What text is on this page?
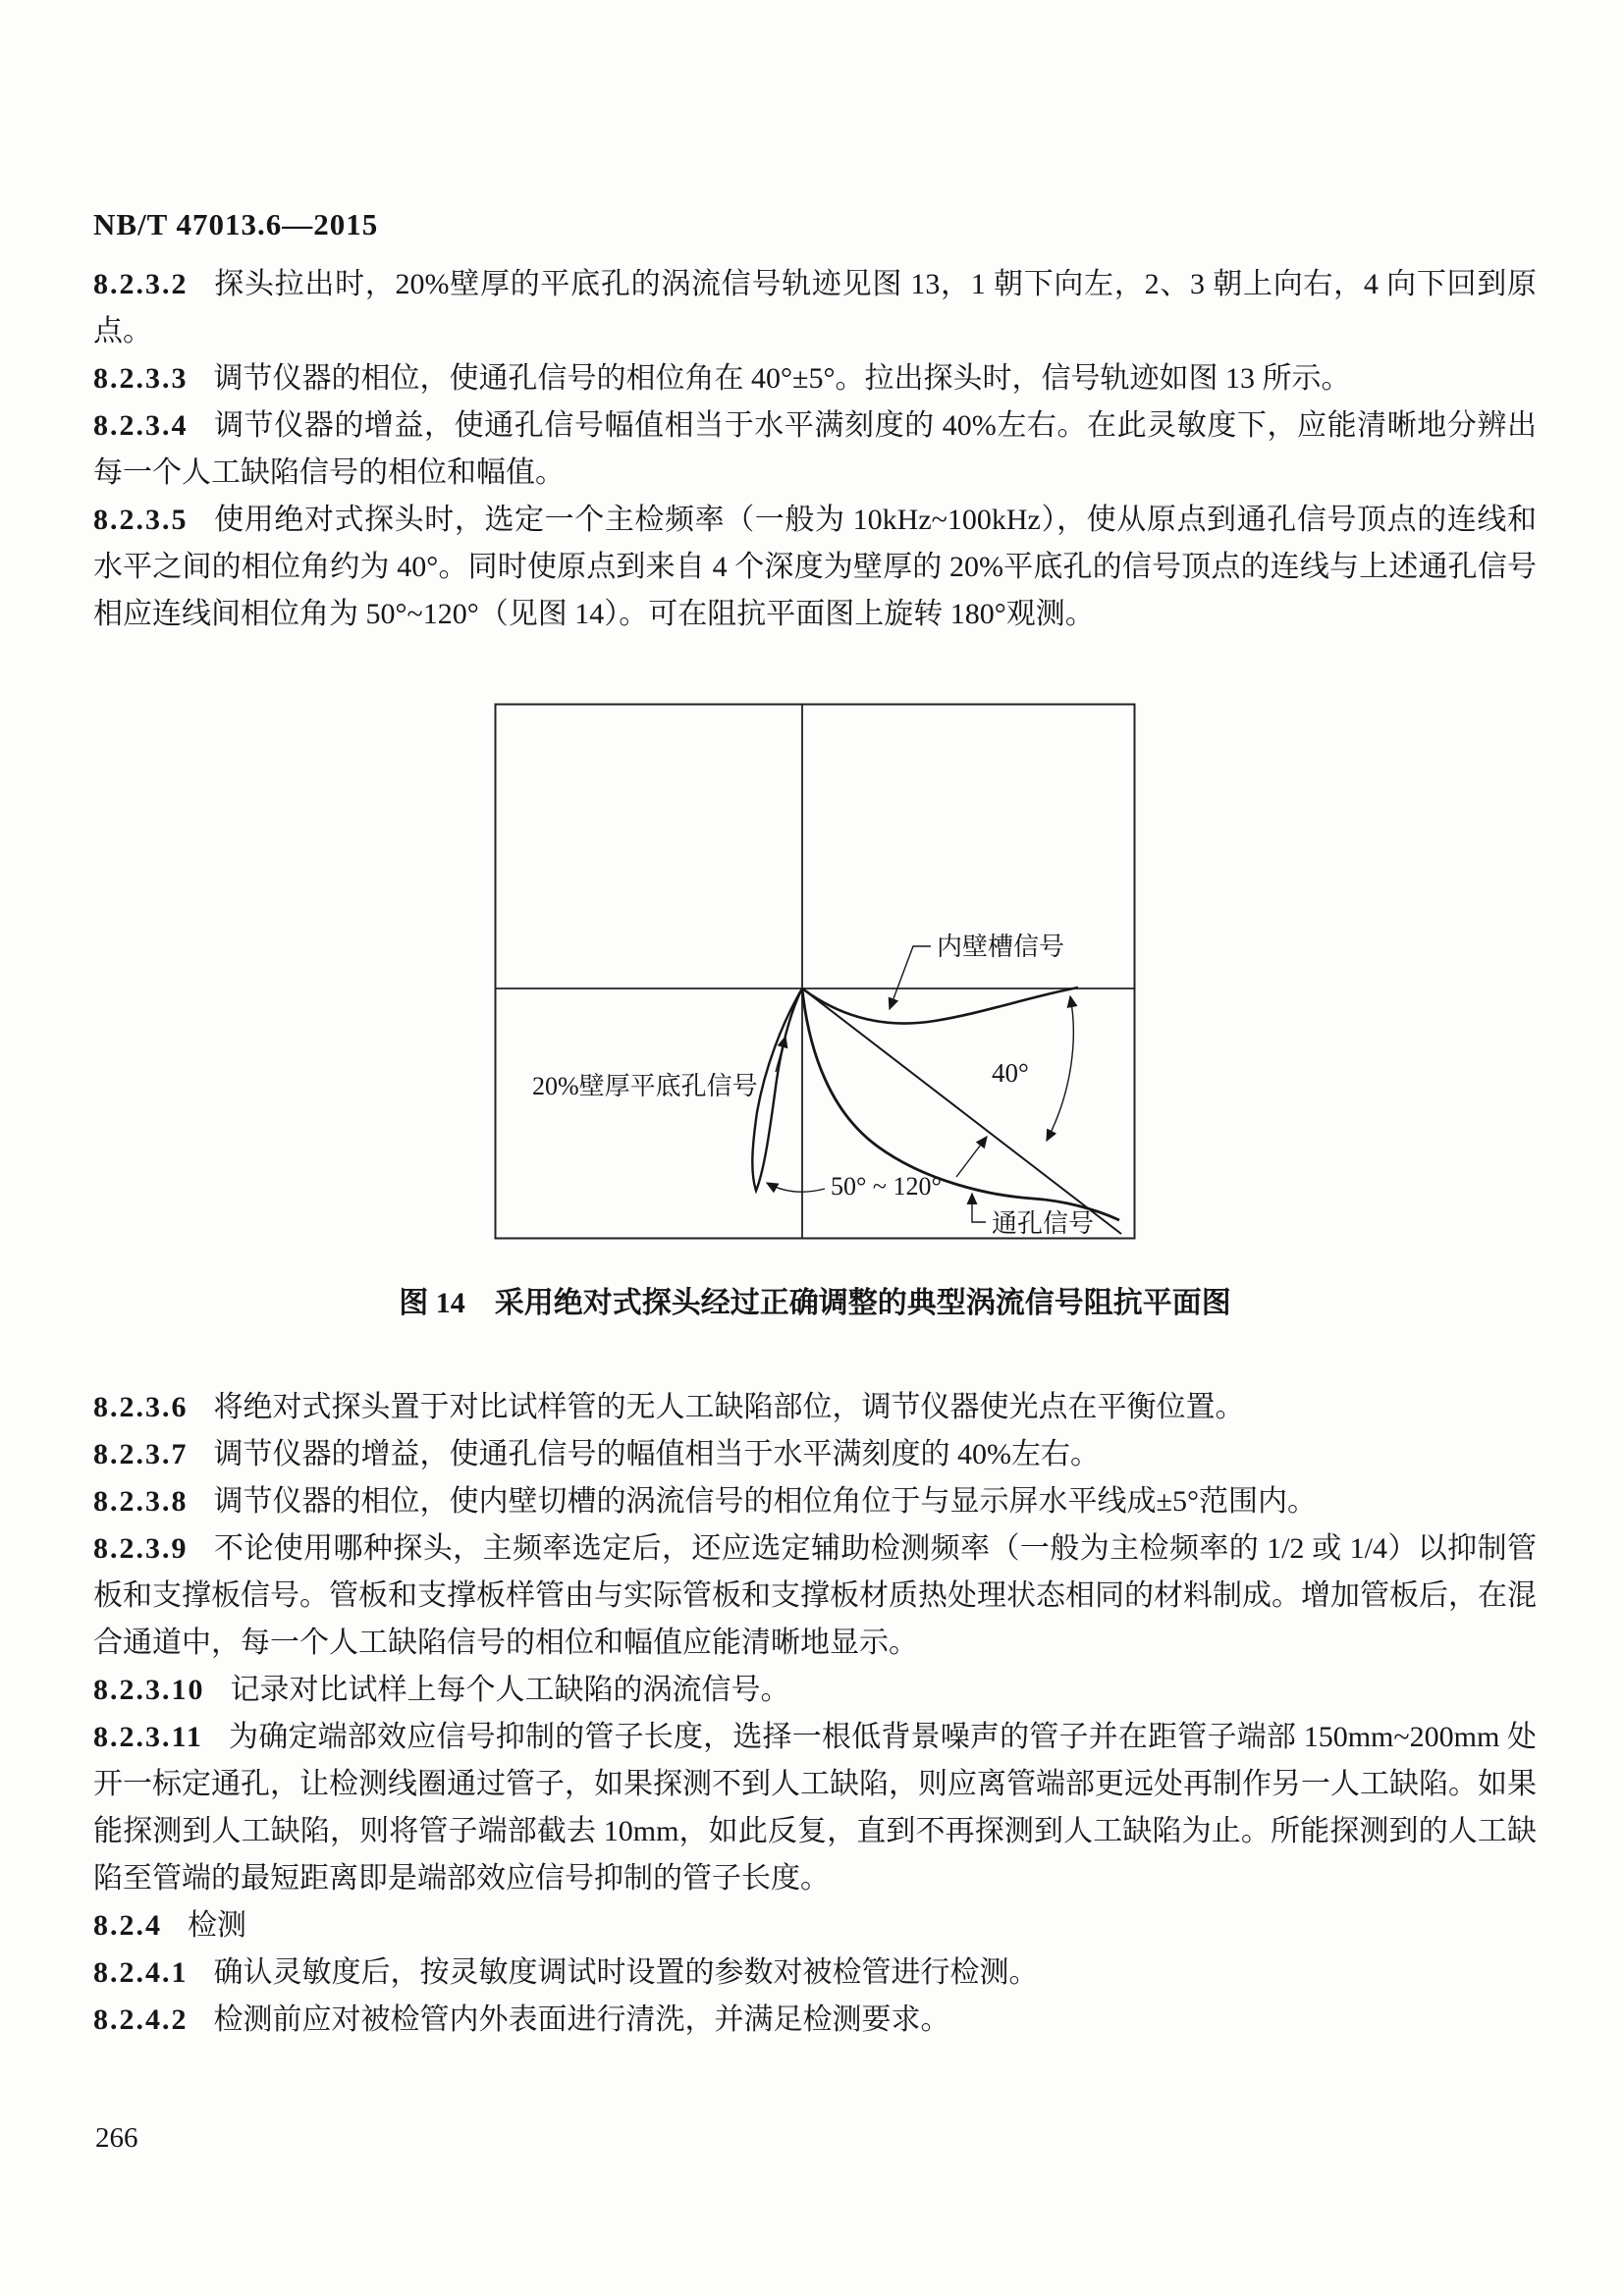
NB/T 47013.6—2015

8.2.3.2 探头拉出时，20%壁厚的平底孔的涡流信号轨迹见图 13，1 朝下向左，2、3 朝上向右，4 向下回到原点。

8.2.3.3 调节仪器的相位，使通孔信号的相位角在 40°±5°。拉出探头时，信号轨迹如图 13 所示。

8.2.3.4 调节仪器的增益，使通孔信号幅值相当于水平满刻度的 40%左右。在此灵敏度下，应能清晰地分辨出每一个人工缺陷信号的相位和幅值。

8.2.3.5 使用绝对式探头时，选定一个主检频率（一般为 10kHz~100kHz），使从原点到通孔信号顶点的连线和水平之间的相位角约为 40°。同时使原点到来自 4 个深度为壁厚的 20%平底孔的信号顶点的连线与上述通孔信号相应连线间相位角为 50°~120°（见图 14）。可在阻抗平面图上旋转 180°观测。

内壁槽信号
40°
20%壁厚平底孔信号
50° ~ 120°
通孔信号

图 14 采用绝对式探头经过正确调整的典型涡流信号阻抗平面图

8.2.3.6 将绝对式探头置于对比试样管的无人工缺陷部位，调节仪器使光点在平衡位置。

8.2.3.7 调节仪器的增益，使通孔信号的幅值相当于水平满刻度的 40%左右。

8.2.3.8 调节仪器的相位，使内壁切槽的涡流信号的相位角位于与显示屏水平线成±5°范围内。

8.2.3.9 不论使用哪种探头，主频率选定后，还应选定辅助检测频率（一般为主检频率的 1/2 或 1/4）以抑制管板和支撑板信号。管板和支撑板样管由与实际管板和支撑板材质热处理状态相同的材料制成。增加管板后，在混合通道中，每一个人工缺陷信号的相位和幅值应能清晰地显示。

8.2.3.10 记录对比试样上每个人工缺陷的涡流信号。

8.2.3.11 为确定端部效应信号抑制的管子长度，选择一根低背景噪声的管子并在距管子端部 150mm~200mm 处开一标定通孔，让检测线圈通过管子，如果探测不到人工缺陷，则应离管端部更远处再制作另一人工缺陷。如果能探测到人工缺陷，则将管子端部截去 10mm，如此反复，直到不再探测到人工缺陷为止。所能探测到的人工缺陷至管端的最短距离即是端部效应信号抑制的管子长度。

8.2.4 检测

8.2.4.1 确认灵敏度后，按灵敏度调试时设置的参数对被检管进行检测。

8.2.4.2 检测前应对被检管内外表面进行清洗，并满足检测要求。

266
